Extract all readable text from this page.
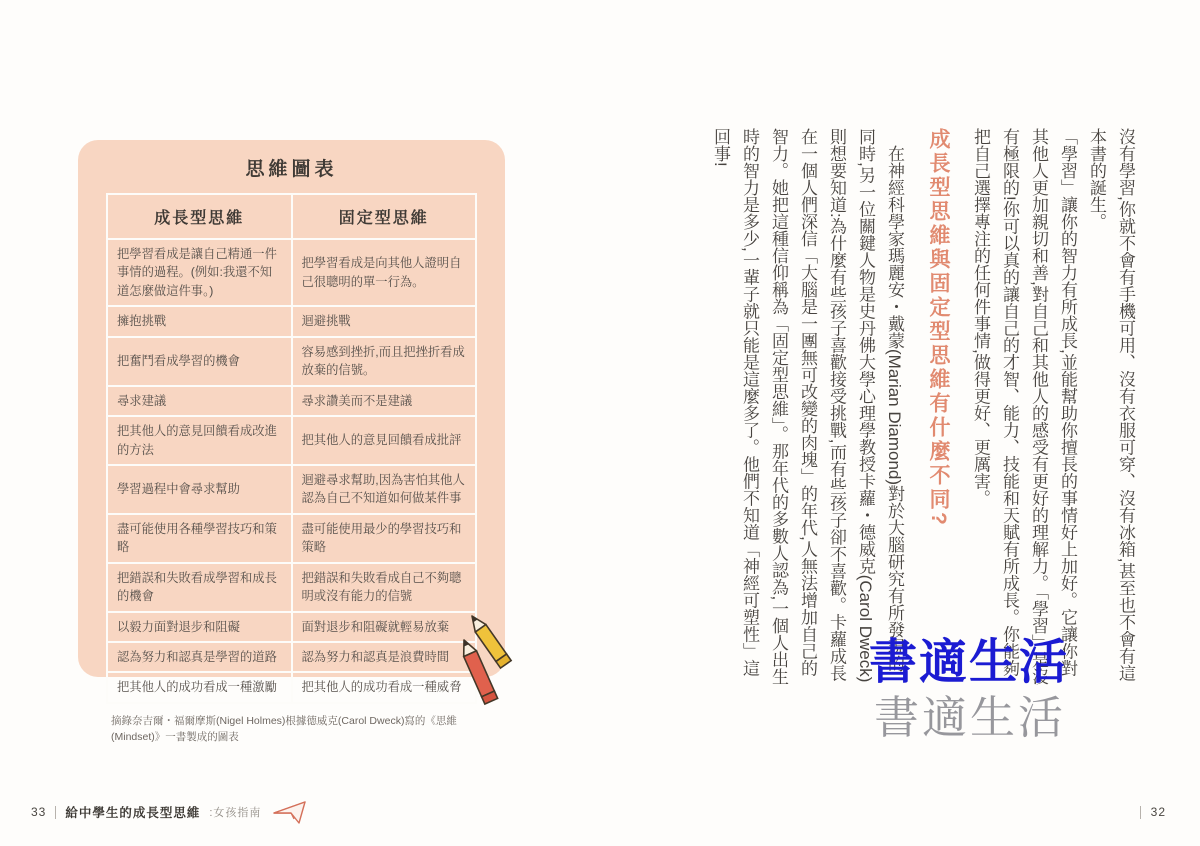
思維圖表
成長型思維	固定型思維
把學習看成是讓自己精通一件事情的過程。(例如:我還不知道怎麼做這件事。)	把學習看成是向其他人證明自己很聰明的單一行為。
擁抱挑戰	迴避挑戰
把奮鬥看成學習的機會	容易感到挫折,而且把挫折看成放棄的信號。
尋求建議	尋求讚美而不是建議
把其他人的意見回饋看成改進的方法	把其他人的意見回饋看成批評
學習過程中會尋求幫助	迴避尋求幫助,因為害怕其他人認為自己不知道如何做某件事
盡可能使用各種學習技巧和策略	盡可能使用最少的學習技巧和策略
把錯誤和失敗看成學習和成長的機會	把錯誤和失敗看成自己不夠聰明或沒有能力的信號
以毅力面對退步和阻礙	面對退步和阻礙就輕易放棄
認為努力和認真是學習的道路	認為努力和認真是浪費時間
把其他人的成功看成一種激勵	把其他人的成功看成一種威脅

摘錄奈吉爾・福爾摩斯(Nigel Holmes)根據德威克(Carol Dweck)寫的《思維(Mindset)》一書製成的圖表

33 給中學生的成長型思維 :女孩指南

沒有學習,你就不會有手機可用、沒有衣服可穿、沒有冰箱,甚至也不會有這本書的誕生。

「學習」讓你的智力有所成長,並能幫助你擅長的事情好上加好。它讓你對其他人更加親切和善,對自己和其他人的感受有更好的理解力。「學習」是沒有極限的!你可以真的讓自己的才智、能力、技能和天賦有所成長。你能夠把自己選擇專注的任何件事情,做得更好、更厲害。

成長型思維與固定型思維有什麼不同?

在神經科學家瑪麗安・戴蒙(Marian Diamond)對於大腦研究有所發現的同時,另一位關鍵人物是史丹佛大學心理學教授卡蘿・德威克(Carol Dweck)則想要知道:為什麼有些孩子喜歡接受挑戰,而有些孩子卻不喜歡。卡蘿成長在一個人們深信「大腦是一團無可改變的肉塊」的年代,人無法增加自己的智力。她把這種信仰稱為「固定型思維」。那年代的多數人認為,一個人出生時的智力是多少,一輩子就只能是這麼多了。他們不知道「神經可塑性」這回事!

書適生活
書適生活
32
